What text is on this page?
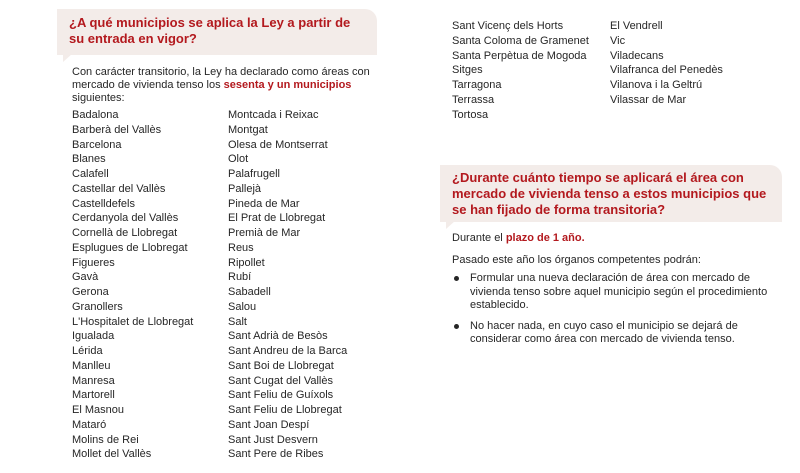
¿A qué municipios se aplica la Ley a partir de su entrada en vigor?

Con carácter transitorio, la Ley ha declarado como áreas con mercado de vivienda tenso los sesenta y un municipios siguientes:

Badalona
Barberà del Vallès
Barcelona
Blanes
Calafell
Castellar del Vallès
Castelldefels
Cerdanyola del Vallès
Cornellà de Llobregat
Esplugues de Llobregat
Figueres
Gavà
Gerona
Granollers
L'Hospitalet de Llobregat
Igualada
Lérida
Manlleu
Manresa
Martorell
El Masnou
Mataró
Molins de Rei
Mollet del Vallès
Montcada i Reixac
Montgat
Olesa de Montserrat
Olot
Palafrugell
Pallejà
Pineda de Mar
El Prat de Llobregat
Premià de Mar
Reus
Ripollet
Rubí
Sabadell
Salou
Salt
Sant Adrià de Besòs
Sant Andreu de la Barca
Sant Boi de Llobregat
Sant Cugat del Vallès
Sant Feliu de Guíxols
Sant Feliu de Llobregat
Sant Joan Despí
Sant Just Desvern
Sant Pere de Ribes
Sant Vicenç dels Horts
Santa Coloma de Gramenet
Santa Perpètua de Mogoda
Sitges
Tarragona
Terrassa
Tortosa
El Vendrell
Vic
Viladecans
Vilafranca del Penedès
Vilanova i la Geltrú
Vilassar de Mar
¿Durante cuánto tiempo se aplicará el área con mercado de vivienda tenso a estos municipios que se han fijado de forma transitoria?

Durante el plazo de 1 año.

Pasado este año los órganos competentes podrán:

Formular una nueva declaración de área con mercado de vivienda tenso sobre aquel municipio según el procedimiento establecido.
No hacer nada, en cuyo caso el municipio se dejará de considerar como área con mercado de vivienda tenso.
